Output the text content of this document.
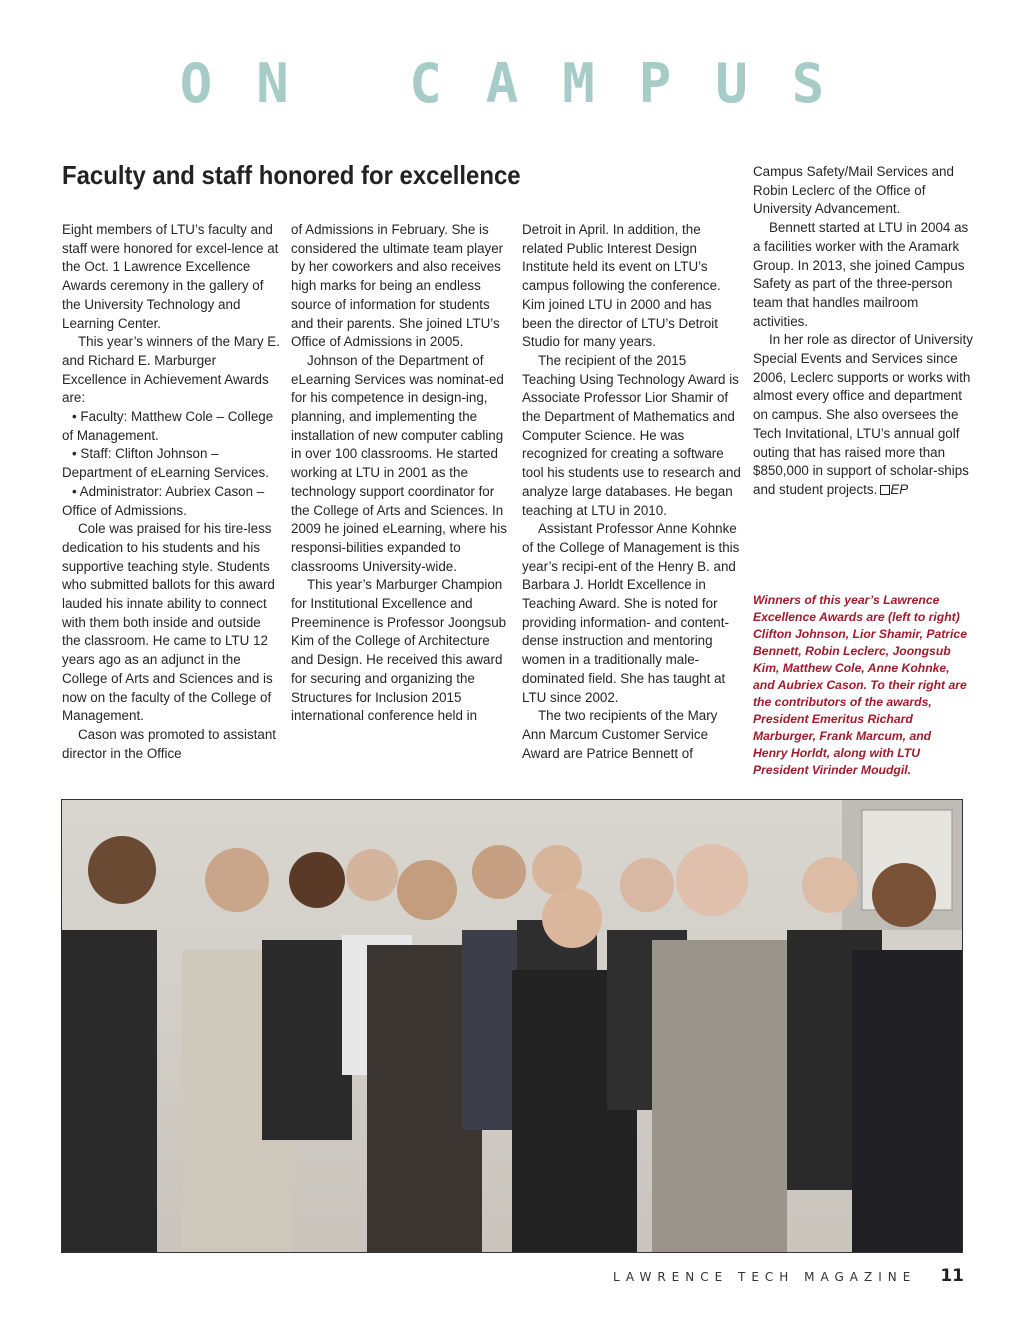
ON CAMPUS
Faculty and staff honored for excellence

Eight members of LTU’s faculty and staff were honored for excel-lence at the Oct. 1 Lawrence Excellence Awards ceremony in the gallery of the University Technology and Learning Center.

This year’s winners of the Mary E. and Richard E. Marburger Excellence in Achievement Awards are:

• Faculty: Matthew Cole – College of Management.

• Staff: Clifton Johnson – Department of eLearning Services.

• Administrator: Aubriex Cason – Office of Admissions.

Cole was praised for his tire-less dedication to his students and his supportive teaching style. Students who submitted ballots for this award lauded his innate ability to connect with them both inside and outside the classroom. He came to LTU 12 years ago as an adjunct in the College of Arts and Sciences and is now on the faculty of the College of Management.

Cason was promoted to assistant director in the Office

of Admissions in February. She is considered the ultimate team player by her coworkers and also receives high marks for being an endless source of information for students and their parents. She joined LTU’s Office of Admissions in 2005.

Johnson of the Department of eLearning Services was nominat-ed for his competence in design-ing, planning, and implementing the installation of new computer cabling in over 100 classrooms. He started working at LTU in 2001 as the technology support coordinator for the College of Arts and Sciences. In 2009 he joined eLearning, where his responsi-bilities expanded to classrooms University-wide.

This year’s Marburger Champion for Institutional Excellence and Preeminence is Professor Joongsub Kim of the College of Architecture and Design. He received this award for securing and organizing the Structures for Inclusion 2015 international conference held in

Detroit in April. In addition, the related Public Interest Design Institute held its event on LTU’s campus following the conference. Kim joined LTU in 2000 and has been the director of LTU’s Detroit Studio for many years.

The recipient of the 2015 Teaching Using Technology Award is Associate Professor Lior Shamir of the Department of Mathematics and Computer Science. He was recognized for creating a software tool his students use to research and analyze large databases. He began teaching at LTU in 2010.

Assistant Professor Anne Kohnke of the College of Management is this year’s recipi-ent of the Henry B. and Barbara J. Horldt Excellence in Teaching Award. She is noted for providing information- and content-dense instruction and mentoring women in a traditionally male-dominated field. She has taught at LTU since 2002.

The two recipients of the Mary Ann Marcum Customer Service Award are Patrice Bennett of

Campus Safety/Mail Services and Robin Leclerc of the Office of University Advancement.

Bennett started at LTU in 2004 as a facilities worker with the Aramark Group. In 2013, she joined Campus Safety as part of the three-person team that handles mailroom activities.

In her role as director of University Special Events and Services since 2006, Leclerc supports or works with almost every office and department on campus. She also oversees the Tech Invitational, LTU’s annual golf outing that has raised more than $850,000 in support of scholar-ships and student projects. EP

Winners of this year’s Lawrence Excellence Awards are (left to right) Clifton Johnson, Lior Shamir, Patrice Bennett, Robin Leclerc, Joongsub Kim, Matthew Cole, Anne Kohnke, and Aubriex Cason. To their right are the contributors of the awards, President Emeritus Richard Marburger, Frank Marcum, and Henry Horldt, along with LTU President Virinder Moudgil.

LAWRENCE TECH MAGAZINE 11
